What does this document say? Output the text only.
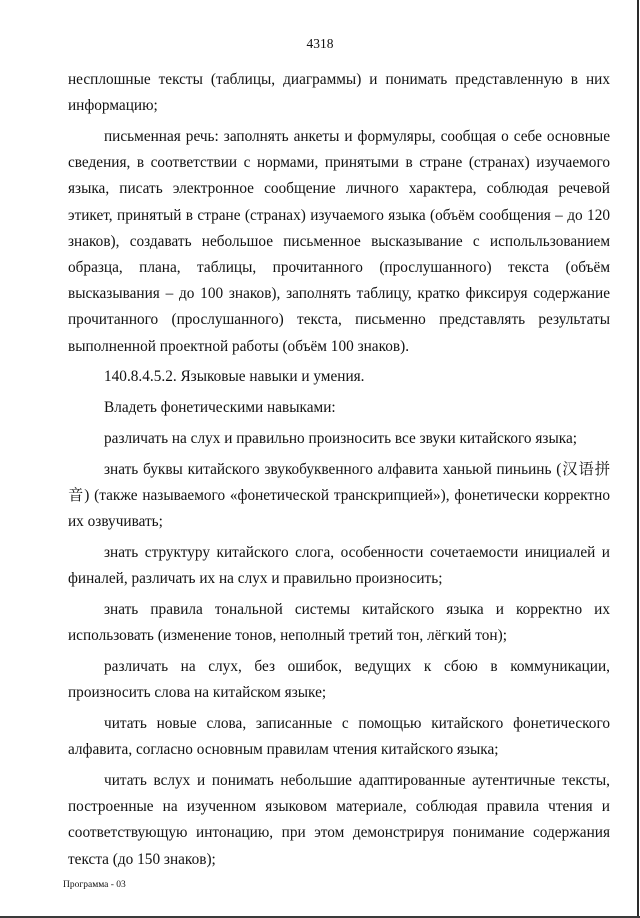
4318

несплошные тексты (таблицы, диаграммы) и понимать представленную в них информацию;

письменная речь: заполнять анкеты и формуляры, сообщая о себе основные сведения, в соответствии с нормами, принятыми в стране (странах) изучаемого языка, писать электронное сообщение личного характера, соблюдая речевой этикет, принятый в стране (странах) изучаемого языка (объём сообщения – до 120 знаков), создавать небольшое письменное высказывание с испольльзованием образца, плана, таблицы, прочитанного (прослушанного) текста (объём высказывания – до 100 знаков), заполнять таблицу, кратко фиксируя содержание прочитанного (прослушанного) текста, письменно представлять результаты выполненной проектной работы (объём 100 знаков).

140.8.4.5.2. Языковые навыки и умения.

Владеть фонетическими навыками:

различать на слух и правильно произносить все звуки китайского языка;

знать буквы китайского звукобуквенного алфавита ханьюй пиньинь (汉语拼音) (также называемого «фонетической транскрипцией»), фонетически корректно их озвучивать;

знать структуру китайского слога, особенности сочетаемости инициалей и финалей, различать их на слух и правильно произносить;

знать правила тональной системы китайского языка и корректно их использовать (изменение тонов, неполный третий тон, лёгкий тон);

различать на слух, без ошибок, ведущих к сбою в коммуникации, произносить слова на китайском языке;

читать новые слова, записанные с помощью китайского фонетического алфавита, согласно основным правилам чтения китайского языка;

читать вслух и понимать небольшие адаптированные аутентичные тексты, построенные на изученном языковом материале, соблюдая правила чтения и соответствующую интонацию, при этом демонстрируя понимание содержания текста (до 150 знаков);

Программа - 03
